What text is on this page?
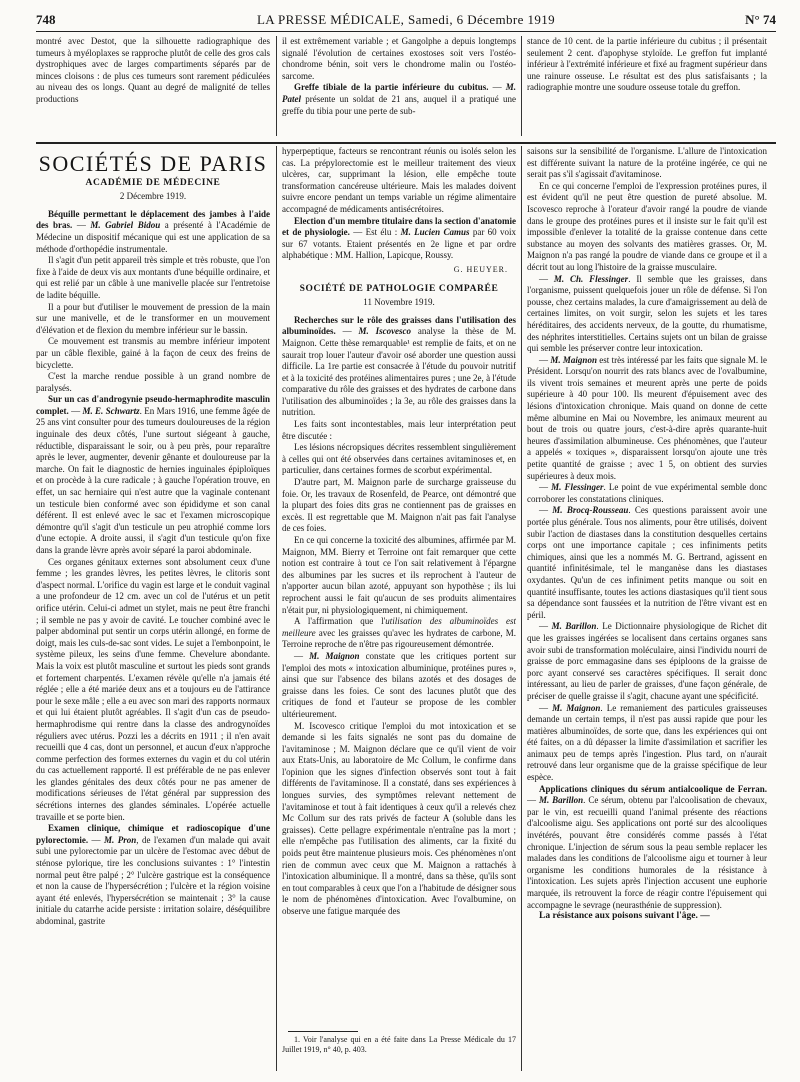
748	LA PRESSE MÉDICALE, Samedi, 6 Décembre 1919	N° 74

montré avec Destot, que la silhouette radiographique des tumeurs à myéloplaxes se rapproche plutôt de celle des gros cals dystrophiques avec de larges compartiments séparés par de minces cloisons : de plus ces tumeurs sont rarement pédiculées au niveau des os longs. Quant au degré de malignité de telles productions

il est extrêmement variable ; et Gangolphe a depuis longtemps signalé l'évolution de certaines exostoses soit vers l'ostéo-chondrome bénin, soit vers le chondrome malin ou l'ostéo-sarcome.

Greffe tibiale de la partie inférieure du cubitus. — M. Patel présente un soldat de 21 ans, auquel il a pratiqué une greffe du tibia pour une perte de sub-

stance de 10 cent. de la partie inférieure du cubitus ; il présentait seulement 2 cent. d'apophyse styloïde. Le greffon fut implanté inférieur à l'extrémité inférieure et fixé au fragment supérieur dans une rainure osseuse. Le résultat est des plus satisfaisants ; la radiographie montre une soudure osseuse totale du greffon.

SOCIÉTÉS DE PARIS
ACADÉMIE DE MÉDECINE
2 Décembre 1919.

Béquille permettant le déplacement des jambes à l'aide des bras. — M. Gabriel Bidou a présenté à l'Académie de Médecine un dispositif mécanique qui est une application de sa méthode d'orthopédie instrumentale.

Il s'agit d'un petit appareil très simple et très robuste, que l'on fixe à l'aide de deux vis aux montants d'une béquille ordinaire, et qui est relié par un câble à une manivelle placée sur l'entretoise de ladite béquille.

Il a pour but d'utiliser le mouvement de pression de la main sur une manivelle, et de le transformer en un mouvement d'élévation et de flexion du membre inférieur sur le bassin.

Ce mouvement est transmis au membre inférieur impotent par un câble flexible, gainé à la façon de ceux des freins de bicyclette.

C'est la marche rendue possible à un grand nombre de paralysés.

Sur un cas d'androgynie pseudo-hermaphrodite masculin complet. — M. E. Schwartz. En Mars 1916, une femme âgée de 25 ans vint consulter pour des tumeurs douloureuses de la région inguinale des deux côtés, l'une surtout siégeant à gauche, réductible, disparaissant le soir, ou à peu près, pour reparaître après le lever, augmenter, devenir gênante et douloureuse par la marche. On fait le diagnostic de hernies inguinales épiploïques et on procède à la cure radicale ; à gauche l'opération trouve, en effet, un sac herniaire qui n'est autre que la vaginale contenant un testicule bien conformé avec son épididyme et son canal déférent. Il est enlevé avec le sac et l'examen microscopique démontre qu'il s'agit d'un testicule un peu atrophié comme lors d'une ectopie. A droite aussi, il s'agit d'un testicule qu'on fixe dans la grande lèvre après avoir séparé la paroi abdominale.

Ces organes génitaux externes sont absolument ceux d'une femme ; les grandes lèvres, les petites lèvres, le clitoris sont d'aspect normal. L'orifice du vagin est large et le conduit vaginal a une profondeur de 12 cm. avec un col de l'utérus et un petit orifice utérin. Celui-ci admet un stylet, mais ne peut être franchi ; il semble ne pas y avoir de cavité. Le toucher combiné avec le palper abdominal put sentir un corps utérin allongé, en forme de doigt, mais les culs-de-sac sont vides. Le sujet a l'embonpoint, le système pileux, les seins d'une femme. Chevelure abondante. Mais la voix est plutôt masculine et surtout les pieds sont grands et fortement charpentés. L'examen révèle qu'elle n'a jamais été réglée ; elle a été mariée deux ans et a toujours eu de l'attirance pour le sexe mâle ; elle a eu avec son mari des rapports normaux et qui lui étaient plutôt agréables. Il s'agit d'un cas de pseudo-hermaphrodisme qui rentre dans la classe des androgynoïdes réguliers avec utérus. Pozzi les a décrits en 1911 ; il n'en avait recueilli que 4 cas, dont un personnel, et aucun d'eux n'approche comme perfection des formes externes du vagin et du col utérin du cas actuellement rapporté. Il est préférable de ne pas enlever les glandes génitales des deux côtés pour ne pas amener de modifications sérieuses de l'état général par suppression des sécrétions internes des glandes séminales. L'opérée actuelle travaille et se porte bien.

Examen clinique, chimique et radioscopique d'une pylorectomie. — M. Pron, de l'examen d'un malade qui avait subi une pylorectomie par un ulcère de l'estomac avec début de sténose pylorique, tire les conclusions suivantes : 1° l'intestin normal peut être palpé ; 2° l'ulcère gastrique est la conséquence et non la cause de l'hypersécrétion ; l'ulcère et la région voisine ayant été enlevés, l'hypersécrétion se maintenait ; 3° la cause initiale du catarrhe acide persiste : irritation solaire, déséquilibre abdominal, gastrite

hyperpeptique, facteurs se rencontrant réunis ou isolés selon les cas. La prépylorectomie est le meilleur traitement des vieux ulcères, car, supprimant la lésion, elle empêche toute transformation cancéreuse ultérieure. Mais les malades doivent suivre encore pendant un temps variable un régime alimentaire accompagné de médicaments antisécrétoires.

Election d'un membre titulaire dans la section d'anatomie et de physiologie. — Est élu : M. Lucien Camus par 60 voix sur 67 votants. Etaient présentés en 2e ligne et par ordre alphabétique : MM. Hallion, Lapicque, Roussy.

G. HEUYER.
SOCIÉTÉ DE PATHOLOGIE COMPARÉE
11 Novembre 1919.

Recherches sur le rôle des graisses dans l'utilisation des albuminoïdes. — M. Iscovesco analyse la thèse de M. Maignon. Cette thèse remarquable¹ est remplie de faits, et on ne saurait trop louer l'auteur d'avoir osé aborder une question aussi difficile. La 1re partie est consacrée à l'étude du pouvoir nutritif et à la toxicité des protéines alimentaires pures ; une 2e, à l'étude comparative du rôle des graisses et des hydrates de carbone dans l'utilisation des albuminoïdes ; la 3e, au rôle des graisses dans la nutrition.

Les faits sont incontestables, mais leur interprétation peut être discutée :

Les lésions nécropsiques décrites ressemblent singulièrement à celles qui ont été observées dans certaines avitaminoses et, en particulier, dans certaines formes de scorbut expérimental.

D'autre part, M. Maignon parle de surcharge graisseuse du foie. Or, les travaux de Rosenfeld, de Pearce, ont démontré que la plupart des foies dits gras ne contiennent pas de graisses en excès. Il est regrettable que M. Maignon n'ait pas fait l'analyse de ces foies.

En ce qui concerne la toxicité des albumines, affirmée par M. Maignon, MM. Bierry et Terroine ont fait remarquer que cette notion est contraire à tout ce l'on sait relativement à l'épargne des albumines par les sucres et ils reprochent à l'auteur de n'apporter aucun bilan azoté, appuyant son hypothèse ; ils lui reprochent aussi le fait qu'aucun de ses produits alimentaires n'était pur, ni physiologiquement, ni chimiquement.

A l'affirmation que l'utilisation des albuminoïdes est meilleure avec les graisses qu'avec les hydrates de carbone, M. Terroine reproche de n'être pas rigoureusement démontrée.

— M. Maignon constate que les critiques portent sur l'emploi des mots « intoxication albuminique, protéines pures », ainsi que sur l'absence des bilans azotés et des dosages de graisse dans les foies. Ce sont des lacunes plutôt que des critiques de fond et l'auteur se propose de les combler ultérieurement.

M. Iscovesco critique l'emploi du mot intoxication et se demande si les faits signalés ne sont pas du domaine de l'avitaminose ; M. Maignon déclare que ce qu'il vient de voir aux Etats-Unis, au laboratoire de Mc Collum, le confirme dans l'opinion que les signes d'infection observés sont tout à fait différents de l'avitaminose. Il a constaté, dans ses expériences à longues survies, des symptômes relevant nettement de l'avitaminose et tout à fait identiques à ceux qu'il a relevés chez Mc Collum sur des rats privés de facteur A (soluble dans les graisses). Cette pellagre expérimentale n'entraîne pas la mort ; elle n'empêche pas l'utilisation des aliments, car la fixité du poids peut être maintenue plusieurs mois. Ces phénomènes n'ont rien de commun avec ceux que M. Maignon a rattachés à l'intoxication albuminique. Il a montré, dans sa thèse, qu'ils sont en tout comparables à ceux que l'on a l'habitude de désigner sous le nom de phénomènes d'intoxication. Avec l'ovalbumine, on observe une fatigue marquée des

1. Voir l'analyse qui en a été faite dans La Presse Médicale du 17 Juillet 1919, n° 40, p. 403.

saisons sur la sensibilité de l'organisme. L'allure de l'intoxication est différente suivant la nature de la protéine ingérée, ce qui ne serait pas s'il s'agissait d'avitaminose.

En ce qui concerne l'emploi de l'expression protéines pures, il est évident qu'il ne peut être question de pureté absolue. M. Iscovesco reproche à l'orateur d'avoir rangé la poudre de viande dans le groupe des protéines pures et il insiste sur le fait qu'il est impossible d'enlever la totalité de la graisse contenue dans cette substance au moyen des solvants des matières grasses. Or, M. Maignon n'a pas rangé la poudre de viande dans ce groupe et il a décrit tout au long l'histoire de la graisse musculaire.

— M. Ch. Flessinger. Il semble que les graisses, dans l'organisme, puissent quelquefois jouer un rôle de défense. Si l'on pousse, chez certains malades, la cure d'amaigrissement au delà de certaines limites, on voit surgir, selon les sujets et les tares héréditaires, des accidents nerveux, de la goutte, du rhumatisme, des néphrites interstitielles. Certains sujets ont un bilan de graisse qui semble les préserver contre leur intoxication.

— M. Maignon est très intéressé par les faits que signale M. le Président. Lorsqu'on nourrit des rats blancs avec de l'ovalbumine, ils vivent trois semaines et meurent après une perte de poids supérieure à 40 pour 100. Ils meurent d'épuisement avec des lésions d'intoxication chronique. Mais quand on donne de cette même albumine en Mai ou Novembre, les animaux meurent au bout de trois ou quatre jours, c'est-à-dire après quarante-huit heures d'assimilation albumineuse. Ces phénomènes, que l'auteur a appelés « toxiques », disparaissent lorsqu'on ajoute une très petite quantité de graisse ; avec 1 5, on obtient des survies supérieures à deux mois.

— M. Flessinger. Le point de vue expérimental semble donc corroborer les constatations cliniques.

— M. Brocq-Rousseau. Ces questions paraissent avoir une portée plus générale. Tous nos aliments, pour être utilisés, doivent subir l'action de diastases dans la constitution desquelles certains corps ont une importance capitale ; ces infiniments petits chimiques, ainsi que les a nommés M. G. Bertrand, agissent en quantité infinitésimale, tel le manganèse dans les diastases oxydantes. Qu'un de ces infiniment petits manque ou soit en quantité insuffisante, toutes les actions diastasiques qu'il tient sous sa dépendance sont faussées et la nutrition de l'être vivant est en péril.

— M. Barillon. Le Dictionnaire physiologique de Richet dit que les graisses ingérées se localisent dans certains organes sans avoir subi de transformation moléculaire, ainsi l'individu nourri de graisse de porc emmagasine dans ses épiploons de la graisse de porc ayant conservé ses caractères spécifiques. Il serait donc intéressant, au lieu de parler de graisses, d'une façon générale, de préciser de quelle graisse il s'agit, chacune ayant une spécificité.

— M. Maignon. Le remaniement des particules graisseuses demande un certain temps, il n'est pas aussi rapide que pour les matières albuminoïdes, de sorte que, dans les expériences qui ont été faites, on a dû dépasser la limite d'assimilation et sacrifier les animaux peu de temps après l'ingestion. Plus tard, on n'aurait retrouvé dans leur organisme que de la graisse spécifique de leur espèce.

Applications cliniques du sérum antialcoolique de Ferran. — M. Barillon. Ce sérum, obtenu par l'alcoolisation de chevaux, par le vin, est recueilli quand l'animal présente des réactions d'alcoolisme aigu. Ses applications ont porté sur des alcooliques invétérés, pouvant être considérés comme passés à l'état chronique. L'injection de sérum sous la peau semble replacer les malades dans les conditions de l'alcoolisme aigu et tourner à leur organisme les conditions humorales de la résistance à l'intoxication. Les sujets après l'injection accusent une euphorie marquée, ils retrouvent la force de réagir contre l'épuisement qui accompagne le sevrage (neurasthénie de suppression).

La résistance aux poisons suivant l'âge. —
